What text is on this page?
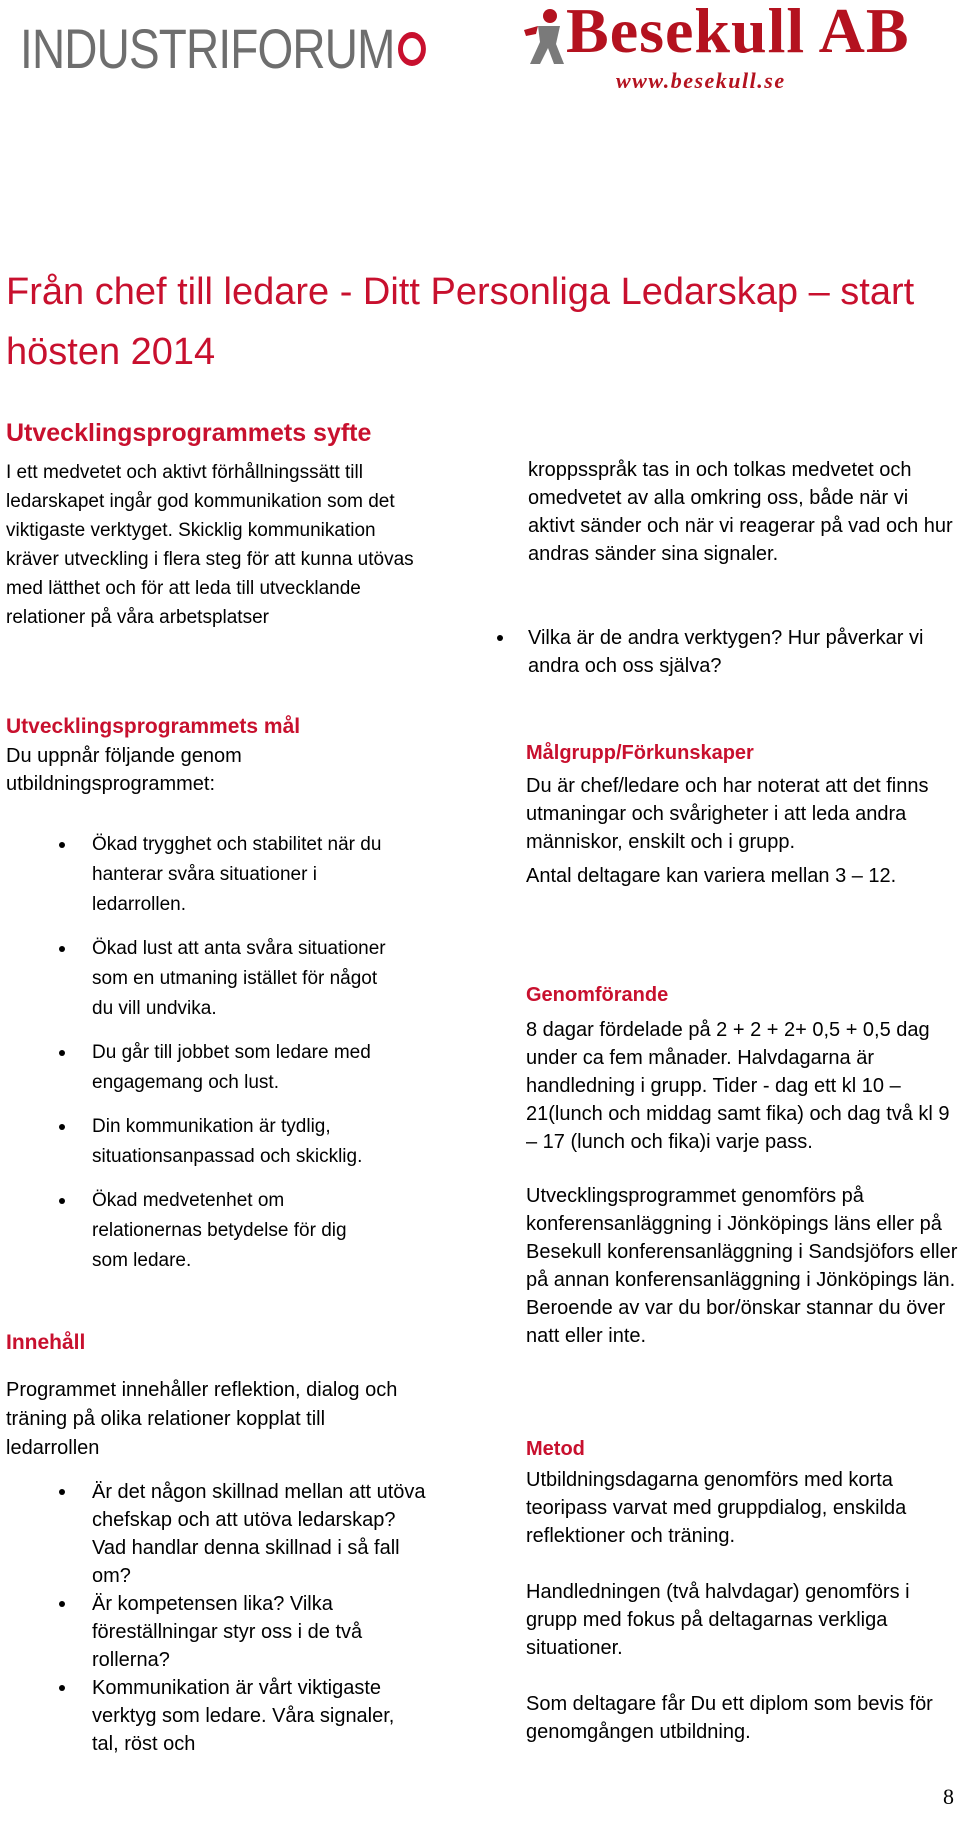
INDUSTRIFORUM	Besekull AB
www.besekull.se
Från chef till ledare - Ditt Personliga Ledarskap – start hösten 2014
Utvecklingsprogrammets syfte
I ett medvetet och aktivt förhållningssätt till ledarskapet ingår god kommunikation som det viktigaste verktyget. Skicklig kommunikation kräver utveckling i flera steg för att kunna utövas med lätthet och för att leda till utvecklande relationer på våra arbetsplatser
Utvecklingsprogrammets mål
Du uppnår följande genom utbildningsprogrammet:
Ökad trygghet och stabilitet när du hanterar svåra situationer i ledarrollen.
Ökad lust att anta svåra situationer som en utmaning istället för något du vill undvika.
Du går till jobbet som ledare med engagemang och lust.
Din kommunikation är tydlig, situationsanpassad och skicklig.
Ökad medvetenhet om relationernas betydelse för dig som ledare.
Innehåll
Programmet innehåller reflektion, dialog och träning på olika relationer kopplat till ledarrollen
Är det någon skillnad mellan att utöva chefskap och att utöva ledarskap? Vad handlar denna skillnad i så fall om?
Är kompetensen lika? Vilka föreställningar styr oss i de två rollerna?
Kommunikation är vårt viktigaste verktyg som ledare. Våra signaler, tal, röst och
kroppsspråk tas in och tolkas medvetet och omedvetet av alla omkring oss, både när vi aktivt sänder och när vi reagerar på vad och hur andras sänder sina signaler.
Vilka är de andra verktygen? Hur påverkar vi andra och oss själva?
Målgrupp/Förkunskaper
Du är chef/ledare och har noterat att det finns utmaningar och svårigheter i att leda andra människor, enskilt och i grupp.
Antal deltagare kan variera mellan 3 – 12.
Genomförande
8 dagar fördelade på 2 + 2 + 2+ 0,5 + 0,5 dag under ca fem månader. Halvdagarna är handledning i grupp. Tider - dag ett kl 10 – 21(lunch och middag samt fika) och dag två kl 9 – 17 (lunch och fika)i varje pass.
Utvecklingsprogrammet genomförs på konferensanläggning i Jönköpings läns eller på Besekull konferensanläggning i Sandsjöfors eller på annan konferensanläggning i Jönköpings län. Beroende av var du bor/önskar stannar du över natt eller inte.
Metod
Utbildningsdagarna genomförs med korta teoripass varvat med gruppdialog, enskilda reflektioner och träning.
Handledningen (två halvdagar) genomförs i grupp med fokus på deltagarnas verkliga situationer.
Som deltagare får Du ett diplom som bevis för genomgången utbildning.
8
